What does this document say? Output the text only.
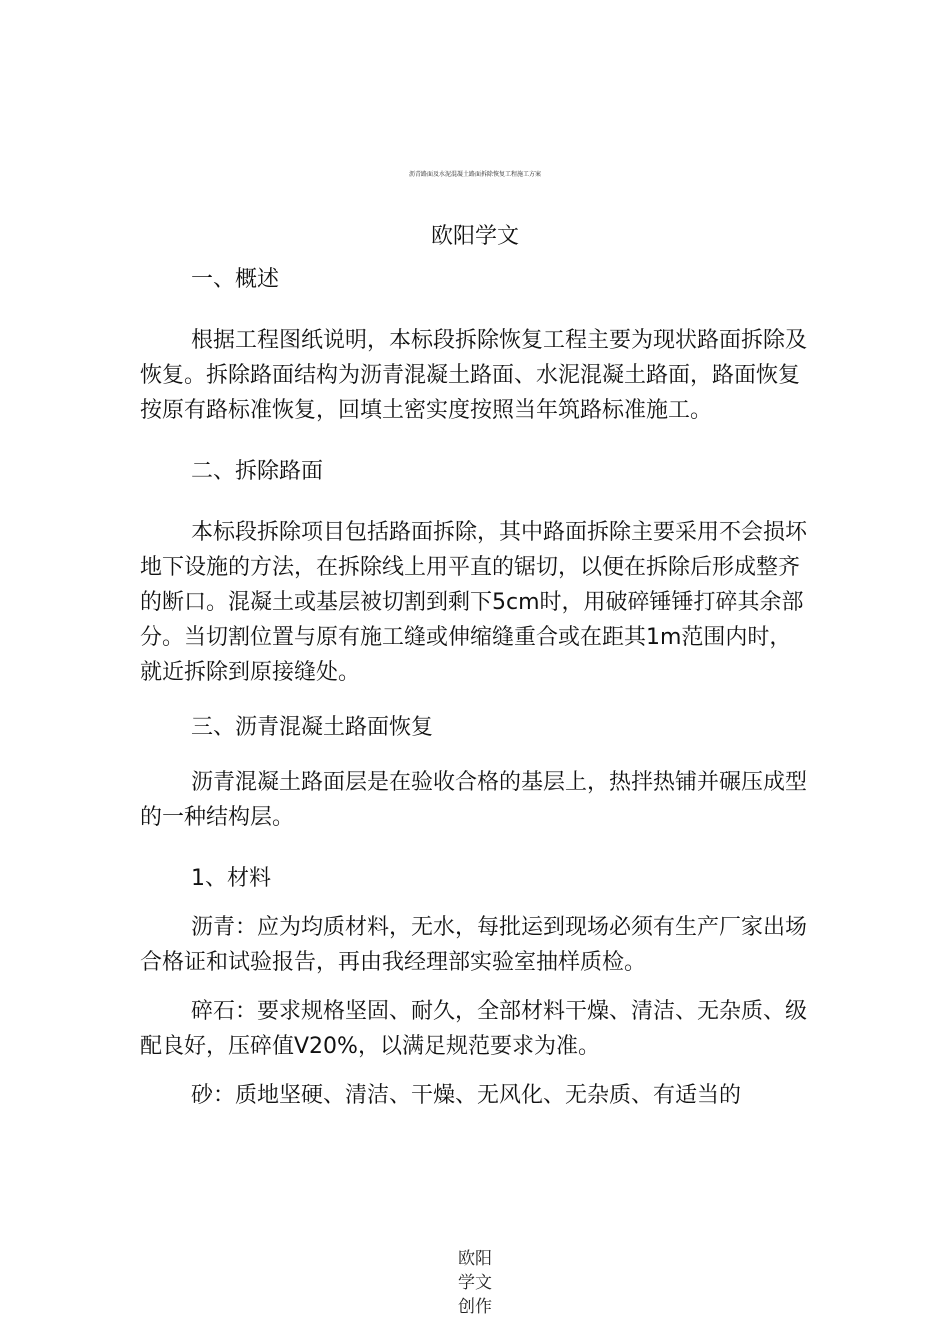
沥青路面及水泥混凝土路面拆除恢复工程施工方案
欧阳学文

一、概述

根据工程图纸说明，本标段拆除恢复工程主要为现状路面拆除及恢复。拆除路面结构为沥青混凝土路面、水泥混凝土路面，路面恢复按原有路标准恢复，回填土密实度按照当年筑路标准施工。

二、拆除路面

本标段拆除项目包括路面拆除，其中路面拆除主要采用不会损坏地下设施的方法，在拆除线上用平直的锯切，以便在拆除后形成整齐的断口。混凝土或基层被切割到剩下5cm时，用破碎锤锤打碎其余部分。当切割位置与原有施工缝或伸缩缝重合或在距其1m范围内时，就近拆除到原接缝处。

三、沥青混凝土路面恢复

沥青混凝土路面层是在验收合格的基层上，热拌热铺并碾压成型的一种结构层。

1、材料

沥青：应为均质材料，无水，每批运到现场必须有生产厂家出场合格证和试验报告，再由我经理部实验室抽样质检。

碎石：要求规格坚固、耐久，全部材料干燥、清洁、无杂质、级配良好，压碎值V20%，以满足规范要求为准。

砂：质地坚硬、清洁、干燥、无风化、无杂质、有适当的

欧阳
学文
创作
